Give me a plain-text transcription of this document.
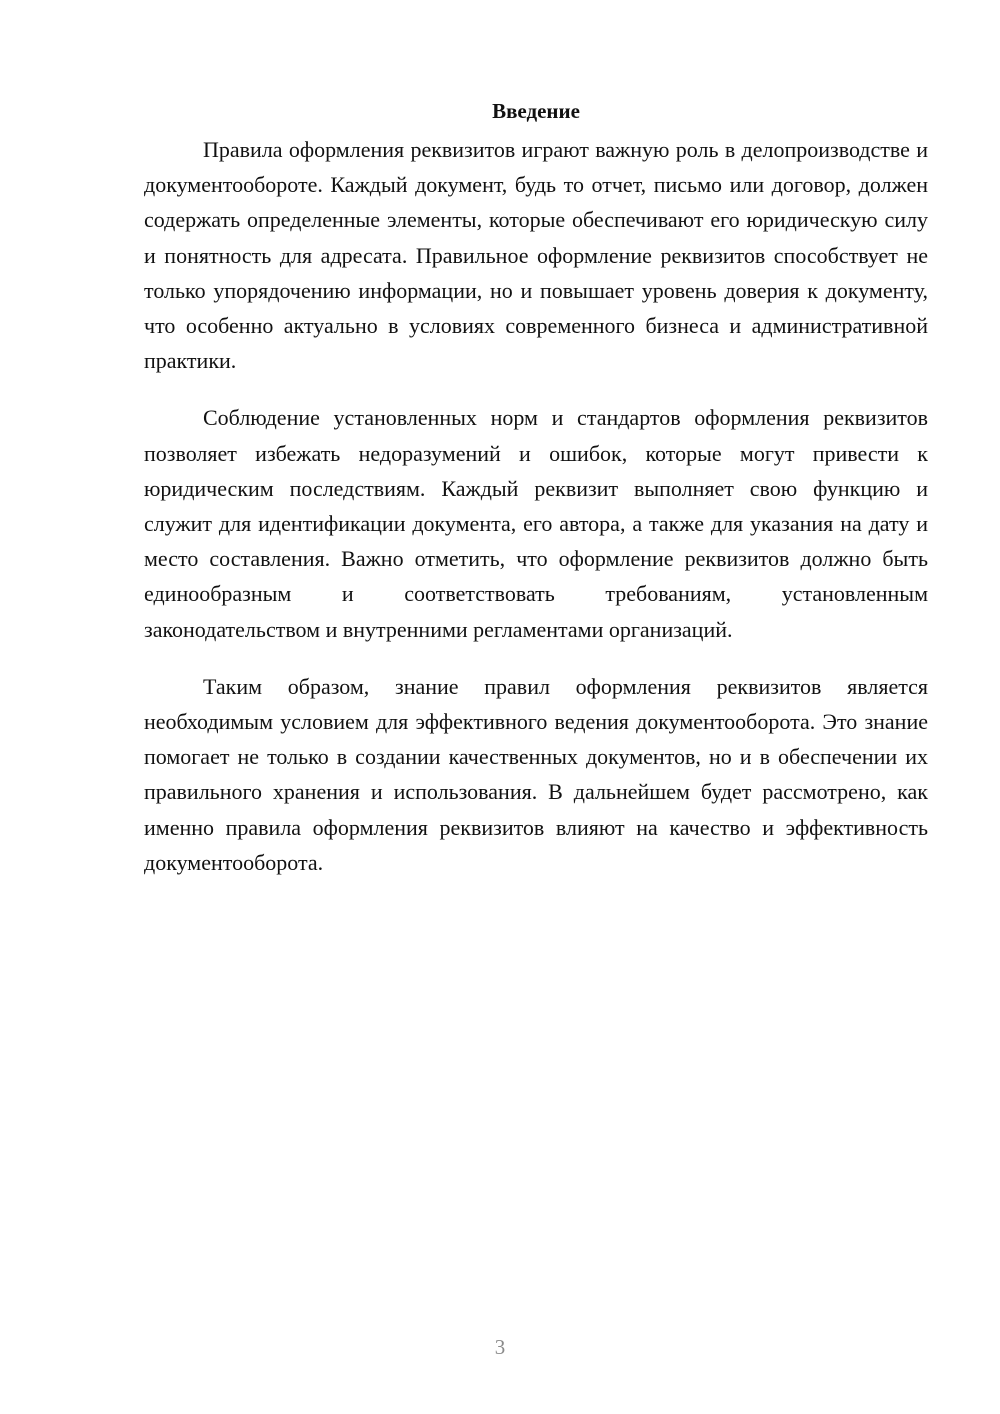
Введение

Правила оформления реквизитов играют важную роль в делопроизводстве и документообороте. Каждый документ, будь то отчет, письмо или договор, должен содержать определенные элементы, которые обеспечивают его юридическую силу и понятность для адресата. Правильное оформление реквизитов способствует не только упорядочению информации, но и повышает уровень доверия к документу, что особенно актуально в условиях современного бизнеса и административной практики.

Соблюдение установленных норм и стандартов оформления реквизитов позволяет избежать недоразумений и ошибок, которые могут привести к юридическим последствиям. Каждый реквизит выполняет свою функцию и служит для идентификации документа, его автора, а также для указания на дату и место составления. Важно отметить, что оформление реквизитов должно быть единообразным и соответствовать требованиям, установленным законодательством и внутренними регламентами организаций.

Таким образом, знание правил оформления реквизитов является необходимым условием для эффективного ведения документооборота. Это знание помогает не только в создании качественных документов, но и в обеспечении их правильного хранения и использования. В дальнейшем будет рассмотрено, как именно правила оформления реквизитов влияют на качество и эффективность документооборота.

3
